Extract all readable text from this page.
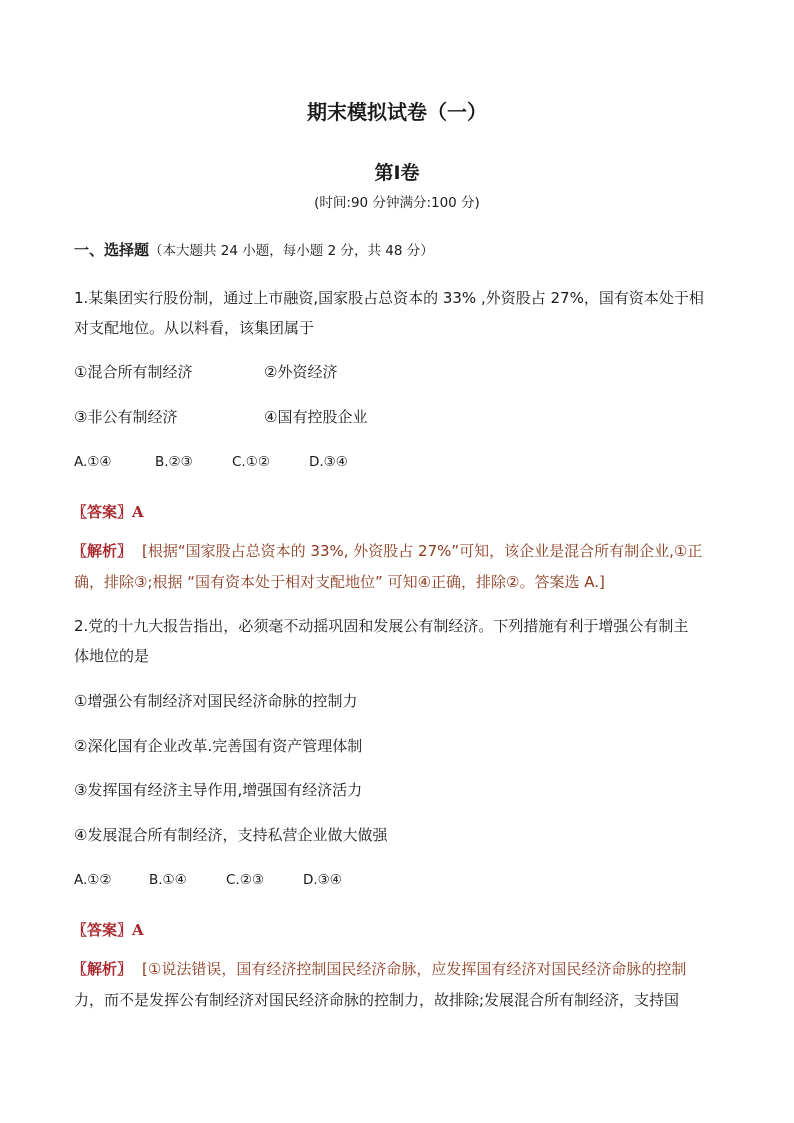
期末模拟试卷（一）
第Ⅰ卷
(时间:90 分钟满分:100 分)
一、选择题（本大题共 24 小题，每小题 2 分，共 48 分）
1.某集团实行股份制，通过上市融资,国家股占总资本的 33% ,外资股占 27%，国有资本处于相
对支配地位。从以料看，该集团属于
①混合所有制经济	②外资经济
③非公有制经济	④国有控股企业
A.①④	B.②③	C.①②	D.③④
〖答案〗A
〖解析〗 [根据“国家股占总资本的 33%, 外资股占 27%”可知，该企业是混合所有制企业,①正
确，排除③;根据 “国有资本处于相对支配地位” 可知④正确，排除②。答案选 A.]
2.党的十九大报告指出，必须毫不动摇巩固和发展公有制经济。下列措施有利于增强公有制主
体地位的是
①增强公有制经济对国民经济命脉的控制力
②深化国有企业改革.完善国有资产管理体制
③发挥国有经济主导作用,增强国有经济活力
④发展混合所有制经济，支持私营企业做大做强
A.①②	B.①④	C.②③	D.③④
〖答案〗A
〖解析〗 [①说法错误，国有经济控制国民经济命脉，应发挥国有经济对国民经济命脉的控制
力，而不是发挥公有制经济对国民经济命脉的控制力，故排除;发展混合所有制经济，支持国
